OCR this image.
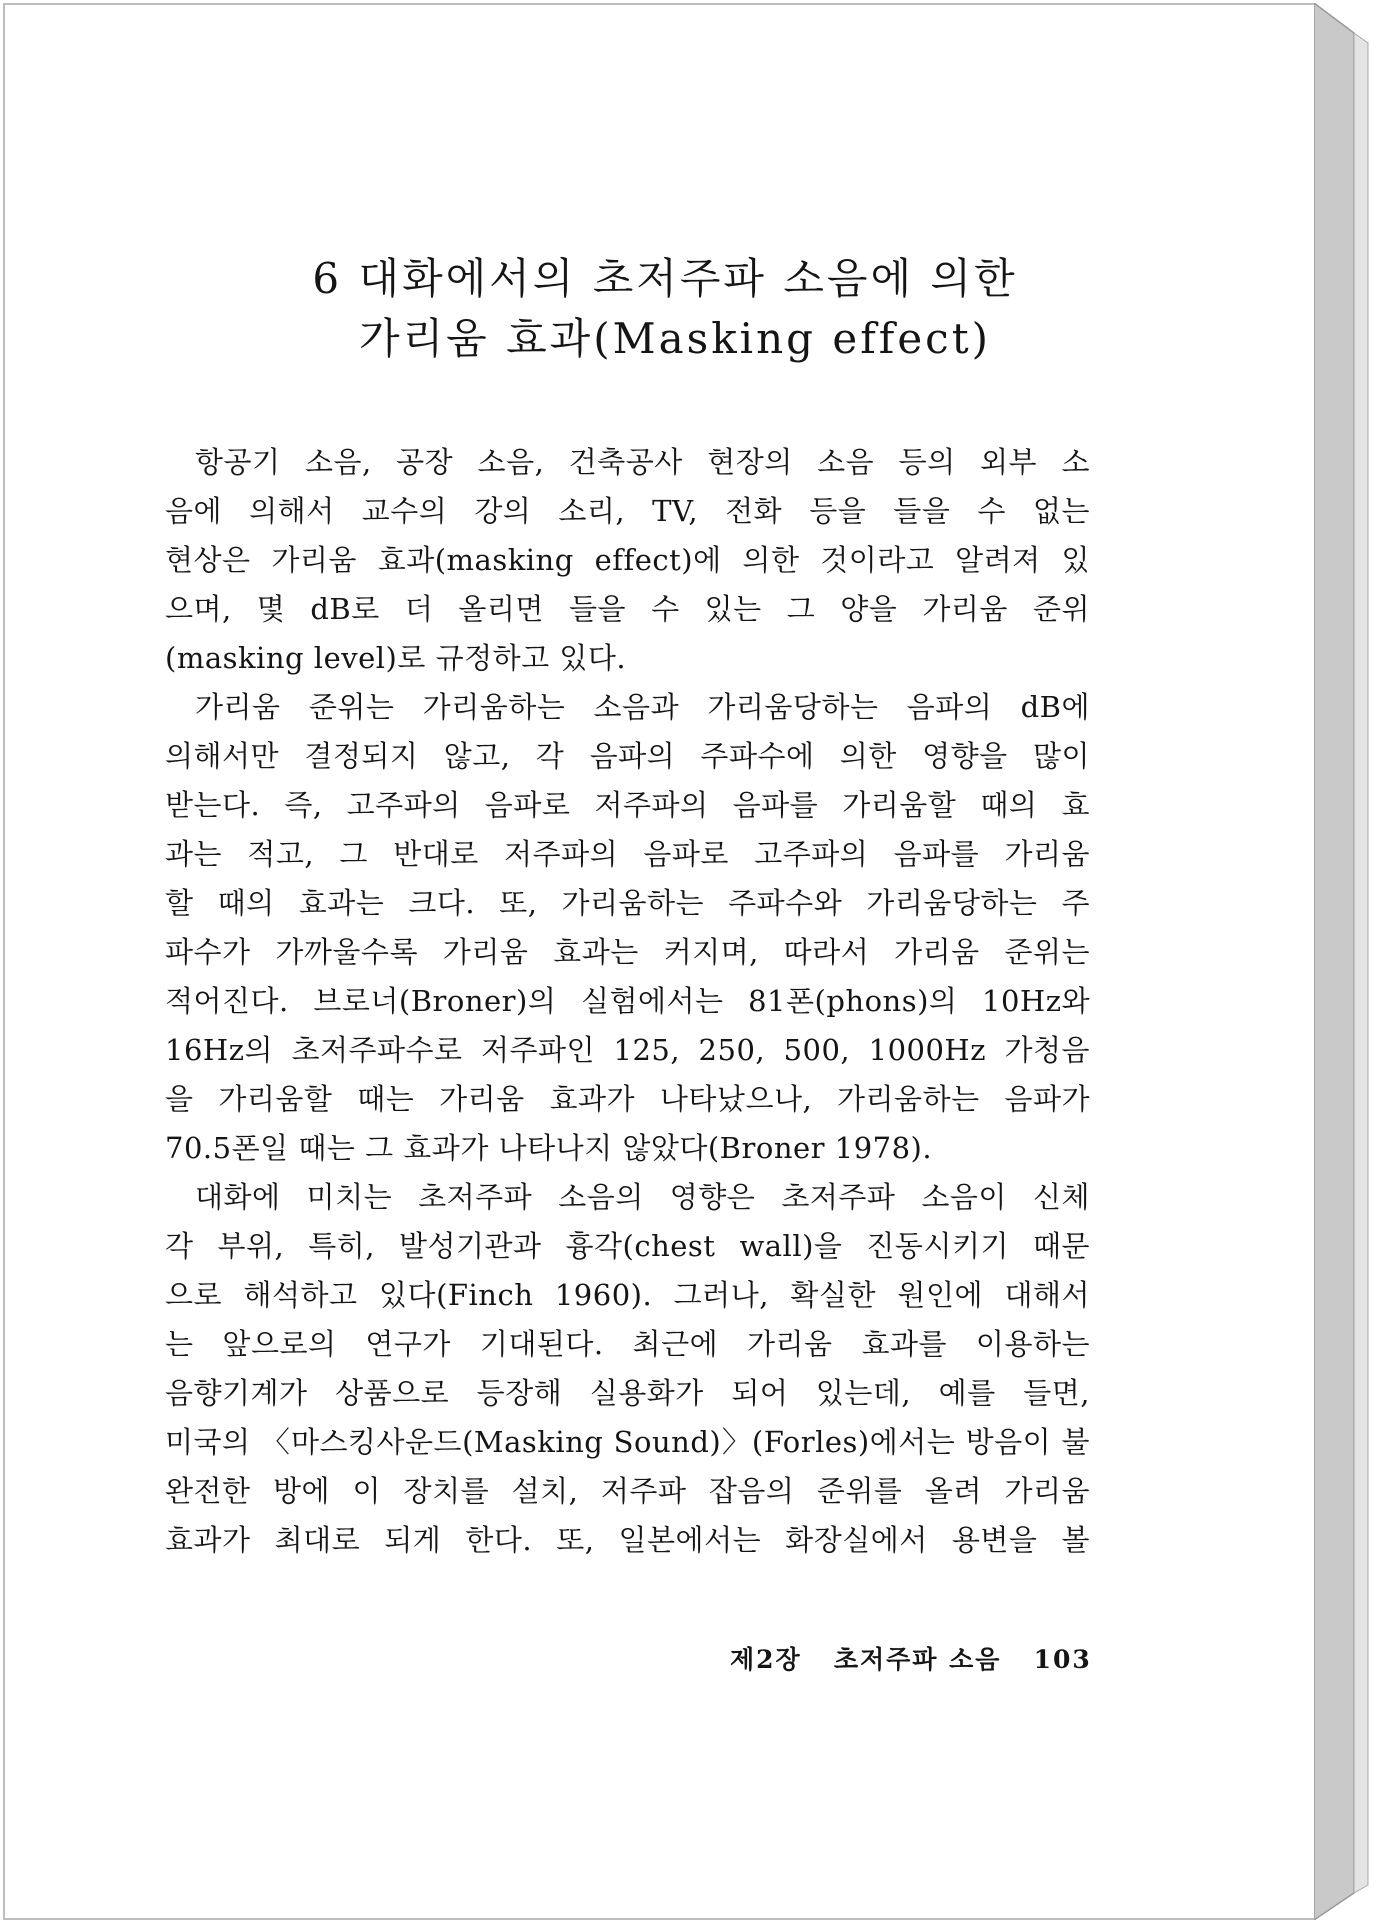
6 대화에서의 초저주파 소음에 의한
가리움 효과(Masking effect)
항공기 소음, 공장 소음, 건축공사 현장의 소음 등의 외부 소
음에 의해서 교수의 강의 소리, TV, 전화 등을 들을 수 없는
현상은 가리움 효과(masking effect)에 의한 것이라고 알려져 있
으며, 몇 dB로 더 올리면 들을 수 있는 그 양을 가리움 준위
(masking level)로 규정하고 있다.
가리움 준위는 가리움하는 소음과 가리움당하는 음파의 dB에
의해서만 결정되지 않고, 각 음파의 주파수에 의한 영향을 많이
받는다. 즉, 고주파의 음파로 저주파의 음파를 가리움할 때의 효
과는 적고, 그 반대로 저주파의 음파로 고주파의 음파를 가리움
할 때의 효과는 크다. 또, 가리움하는 주파수와 가리움당하는 주
파수가 가까울수록 가리움 효과는 커지며, 따라서 가리움 준위는
적어진다. 브로너(Broner)의 실험에서는 81폰(phons)의 10Hz와
16Hz의 초저주파수로 저주파인 125, 250, 500, 1000Hz 가청음
을 가리움할 때는 가리움 효과가 나타났으나, 가리움하는 음파가
70.5폰일 때는 그 효과가 나타나지 않았다(Broner 1978).
대화에 미치는 초저주파 소음의 영향은 초저주파 소음이 신체
각 부위, 특히, 발성기관과 흉각(chest wall)을 진동시키기 때문
으로 해석하고 있다(Finch 1960). 그러나, 확실한 원인에 대해서
는 앞으로의 연구가 기대된다. 최근에 가리움 효과를 이용하는
음향기계가 상품으로 등장해 실용화가 되어 있는데, 예를 들면,
미국의 〈마스킹사운드(Masking Sound)〉(Forles)에서는 방음이 불
완전한 방에 이 장치를 설치, 저주파 잡음의 준위를 올려 가리움
효과가 최대로 되게 한다. 또, 일본에서는 화장실에서 용변을 볼
제2장 초저주파 소음 103
